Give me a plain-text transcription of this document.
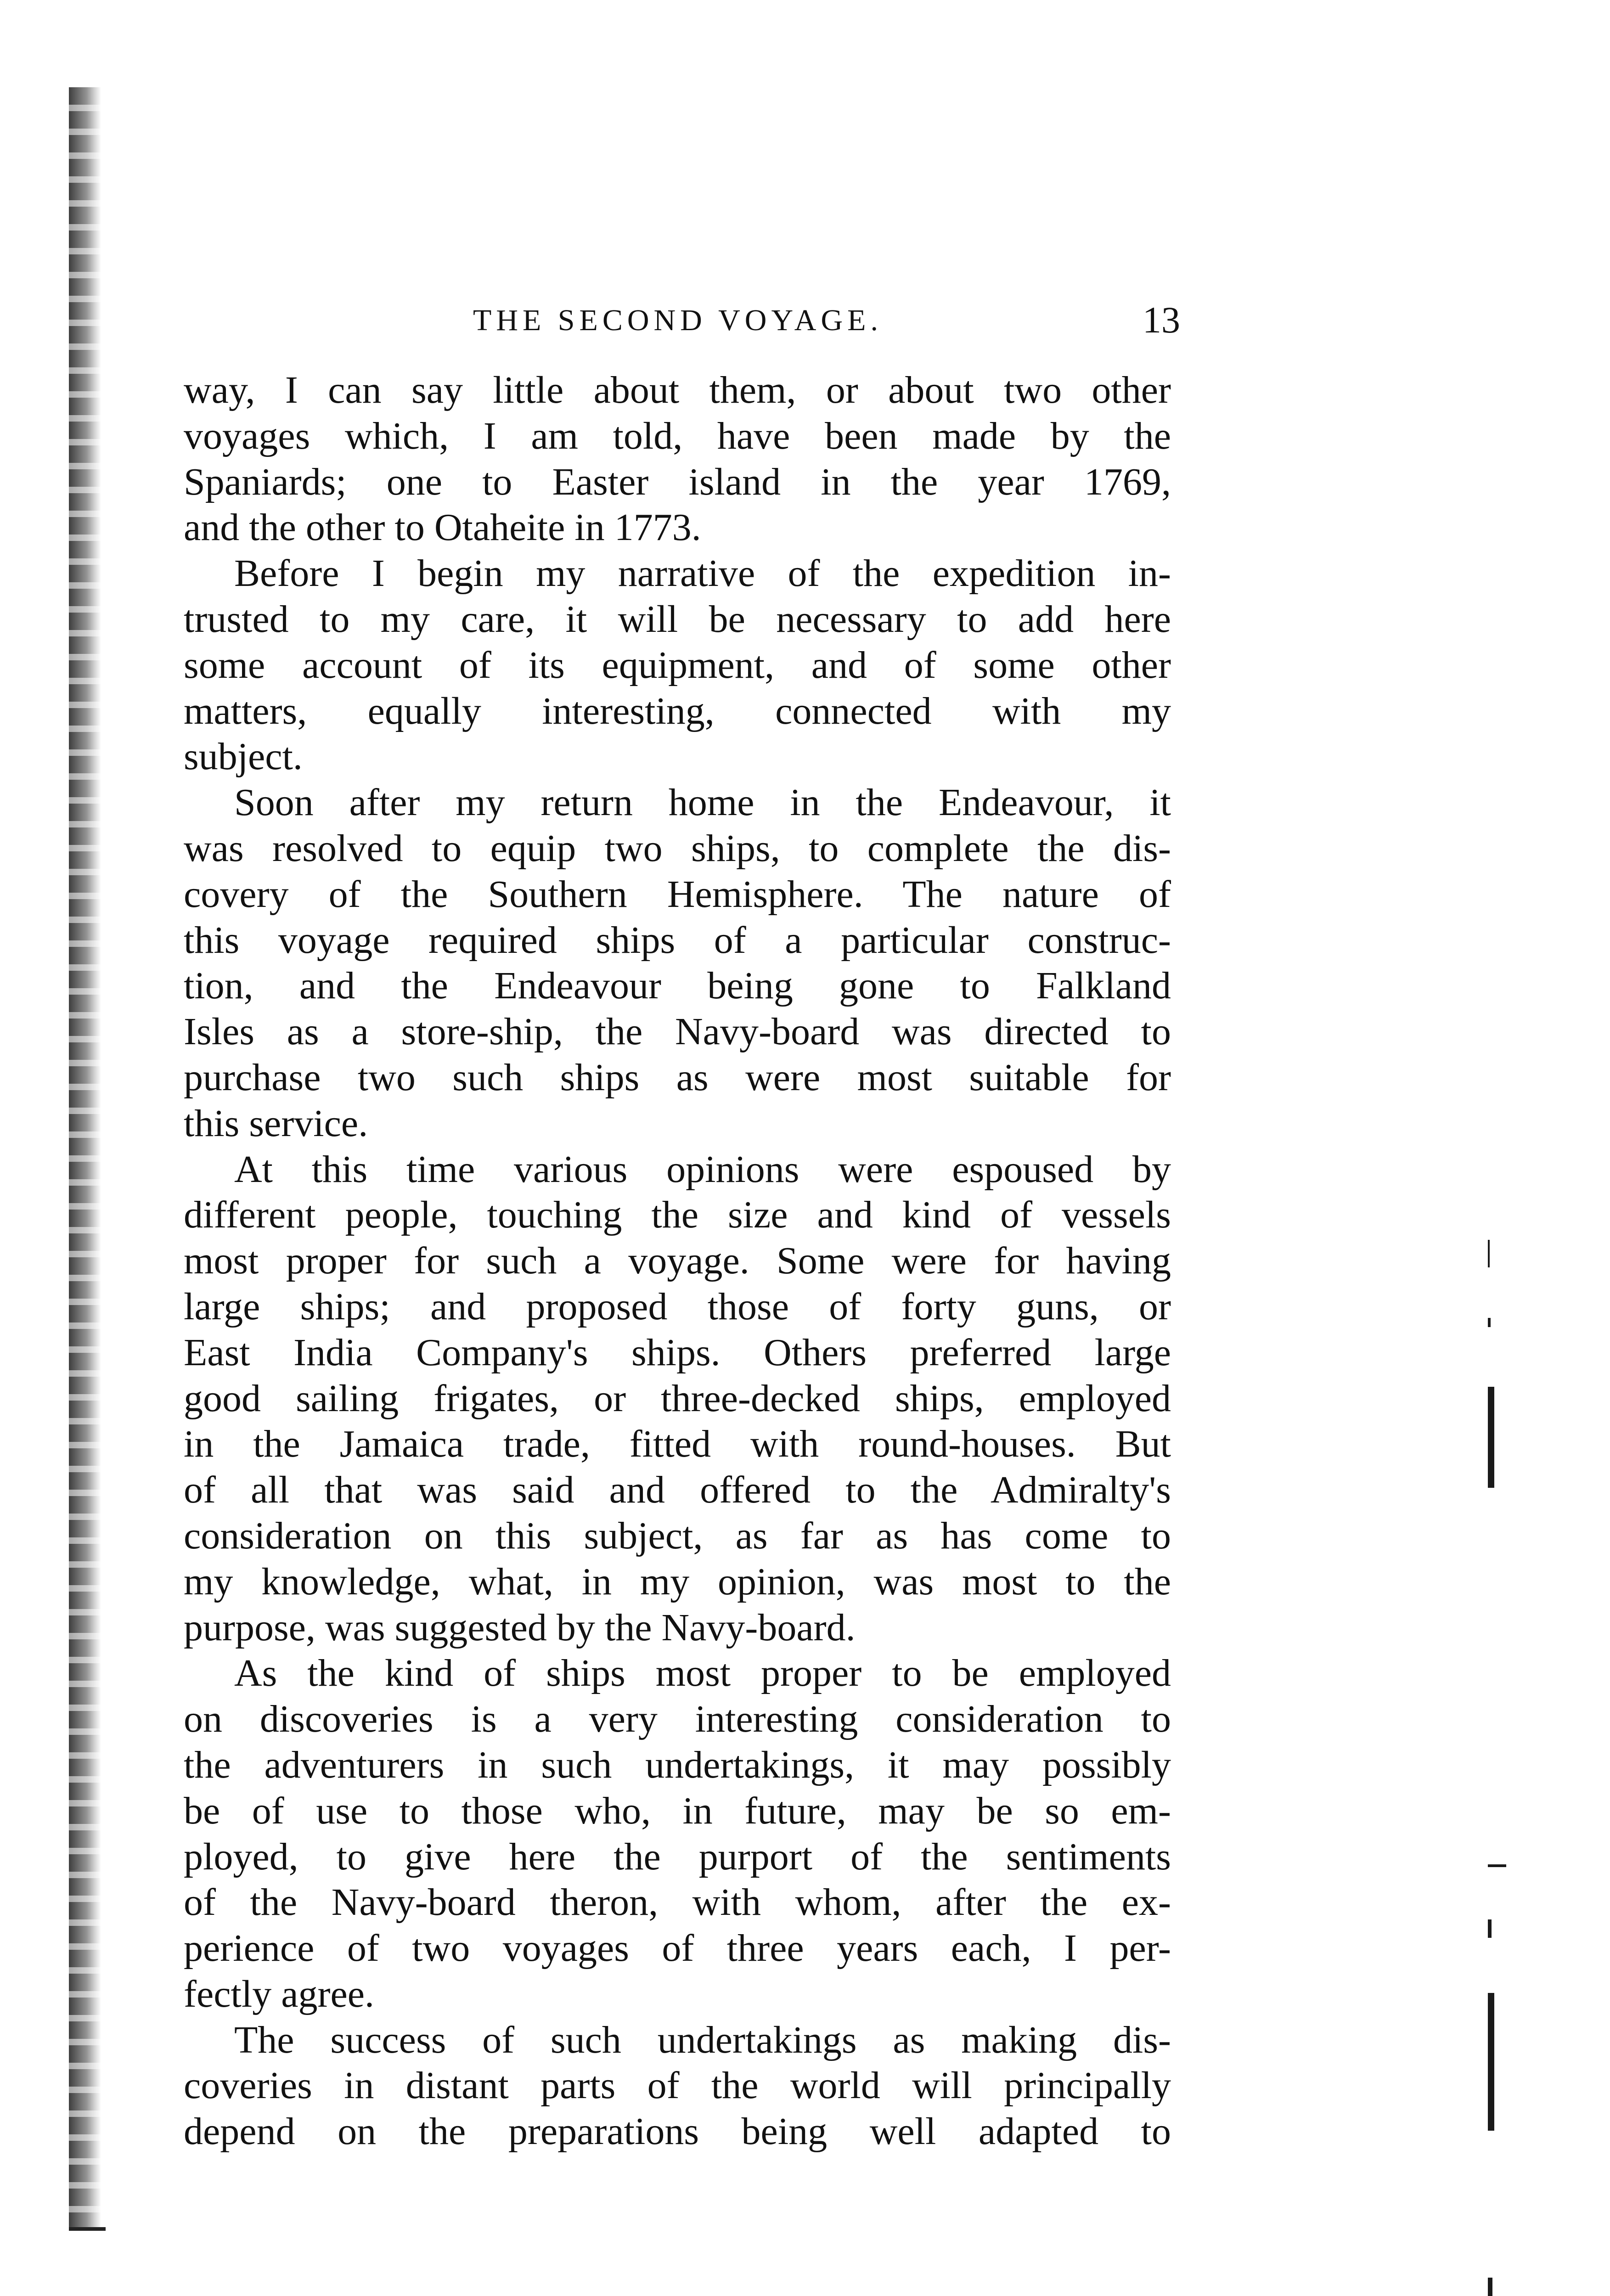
THE SECOND VOYAGE.	13
way, I can say little about them, or about two other
voyages which, I am told, have been made by the
Spaniards; one to Easter island in the year 1769,
and the other to Otaheite in 1773.
Before I begin my narrative of the expedition in-
trusted to my care, it will be necessary to add here
some account of its equipment, and of some other
matters, equally interesting, connected with my
subject.
Soon after my return home in the Endeavour, it
was resolved to equip two ships, to complete the dis-
covery of the Southern Hemisphere. The nature of
this voyage required ships of a particular construc-
tion, and the Endeavour being gone to Falkland
Isles as a store-ship, the Navy-board was directed to
purchase two such ships as were most suitable for
this service.
At this time various opinions were espoused by
different people, touching the size and kind of vessels
most proper for such a voyage. Some were for having
large ships; and proposed those of forty guns, or
East India Company's ships. Others preferred large
good sailing frigates, or three-decked ships, employed
in the Jamaica trade, fitted with round-houses. But
of all that was said and offered to the Admiralty's
consideration on this subject, as far as has come to
my knowledge, what, in my opinion, was most to the
purpose, was suggested by the Navy-board.
As the kind of ships most proper to be employed
on discoveries is a very interesting consideration to
the adventurers in such undertakings, it may possibly
be of use to those who, in future, may be so em-
ployed, to give here the purport of the sentiments
of the Navy-board theron, with whom, after the ex-
perience of two voyages of three years each, I per-
fectly agree.
The success of such undertakings as making dis-
coveries in distant parts of the world will principally
depend on the preparations being well adapted to
